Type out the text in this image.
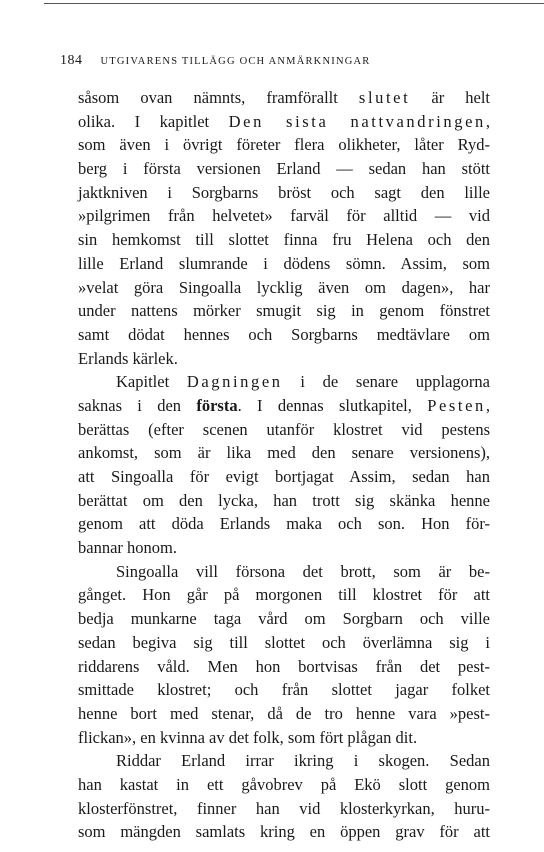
184 UTGIVARENS TILLÄGG OCH ANMÄRKNINGAR
såsom ovan nämnts, framförallt slutet är helt
olika. I kapitlet Den sista nattvandringen,
som även i övrigt företer flera olikheter, låter Ryd-
berg i första versionen Erland — sedan han stött
jaktkniven i Sorgbarns bröst och sagt den lille
»pilgrimen från helvetet» farväl för alltid — vid
sin hemkomst till slottet finna fru Helena och den
lille Erland slumrande i dödens sömn. Assim, som
»velat göra Singoalla lycklig även om dagen», har
under nattens mörker smugit sig in genom fönstret
samt dödat hennes och Sorgbarns medtävlare om
Erlands kärlek.
Kapitlet Dagningen i de senare upplagorna
saknas i den första. I dennas slutkapitel, Pesten,
berättas (efter scenen utanför klostret vid pestens
ankomst, som är lika med den senare versionens),
att Singoalla för evigt bortjagat Assim, sedan han
berättat om den lycka, han trott sig skänka henne
genom att döda Erlands maka och son. Hon för-
bannar honom.
Singoalla vill försona det brott, som är be-
gånget. Hon går på morgonen till klostret för att
bedja munkarne taga vård om Sorgbarn och ville
sedan begiva sig till slottet och överlämna sig i
riddarens våld. Men hon bortvisas från det pest-
smittade klostret; och från slottet jagar folket
henne bort med stenar, då de tro henne vara »pest-
flickan», en kvinna av det folk, som fört plågan dit.
Riddar Erland irrar ikring i skogen. Sedan
han kastat in ett gåvobrev på Ekö slott genom
klosterfönstret, finner han vid klosterkyrkan, huru-
som mängden samlats kring en öppen grav för att
